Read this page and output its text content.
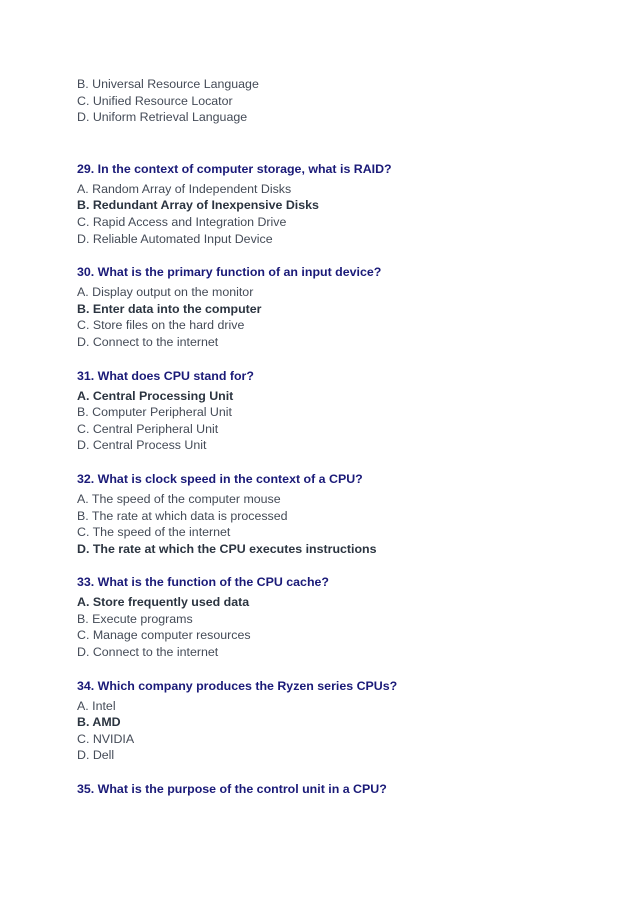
B. Universal Resource Language
C. Unified Resource Locator
D. Uniform Retrieval Language
29. In the context of computer storage, what is RAID?
A. Random Array of Independent Disks
B. Redundant Array of Inexpensive Disks
C. Rapid Access and Integration Drive
D. Reliable Automated Input Device
30. What is the primary function of an input device?
A. Display output on the monitor
B. Enter data into the computer
C. Store files on the hard drive
D. Connect to the internet
31. What does CPU stand for?
A. Central Processing Unit
B. Computer Peripheral Unit
C. Central Peripheral Unit
D. Central Process Unit
32. What is clock speed in the context of a CPU?
A. The speed of the computer mouse
B. The rate at which data is processed
C. The speed of the internet
D. The rate at which the CPU executes instructions
33. What is the function of the CPU cache?
A. Store frequently used data
B. Execute programs
C. Manage computer resources
D. Connect to the internet
34. Which company produces the Ryzen series CPUs?
A. Intel
B. AMD
C. NVIDIA
D. Dell
35. What is the purpose of the control unit in a CPU?
